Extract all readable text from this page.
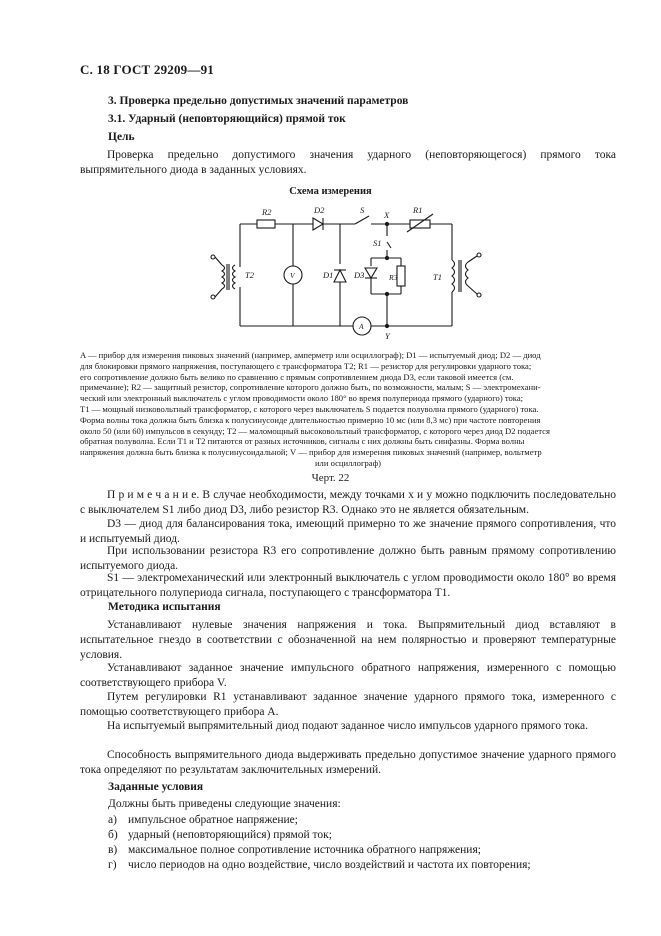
С. 18 ГОСТ 29209—91
3. Проверка предельно допустимых значений параметров
3.1. Ударный (неповторяющийся) прямой ток
Цель

Проверка предельно допустимого значения ударного (неповторяющегося) прямого тока выпрямительного диода в заданных условиях.

Схема измерения
R2	D2	S X	R1
S1
T2	V	D1 D3	R3	T1
A
Y
A — прибор для измерения пиковых значений (например, амперметр или осциллограф); D1 — испытуемый диод; D2 — диод
для блокировки прямого напряжения, поступающего с трансформатора T2; R1 — резистор для регулировки ударного тока;
его сопротивление должно быть велико по сравнению с прямым сопротивлением диода D3, если таковой имеется (см.
примечание); R2 — защитный резистор, сопротивление которого должно быть, по возможности, малым; S — электромехани-
ческий или электронный выключатель с углом проводимости около 180° во время полупериода прямого (ударного) тока;
T1 — мощный низковольтный трансформатор, с которого через выключатель S подается полуволна прямого (ударного) тока.
Форма волны тока должна быть близка к полусинусоиде длительностью примерно 10 мс (или 8,3 мс) при частоте повторения
около 50 (или 60) импульсов в секунду; T2 — маломощный высоковольтный трансформатор, с которого через диод D2 подается
обратная полуволна. Если T1 и T2 питаются от разных источников, сигналы с них должны быть синфазны. Форма волны
напряжения должна быть близка к полусинусоидальной; V — прибор для измерения пиковых значений (например, вольтметр
или осциллограф)
Черт. 22

П р и м е ч а н и е. В случае необходимости, между точками x и y можно подключить последовательно с выключателем S1 либо диод D3, либо резистор R3. Однако это не является обязательным.

D3 — диод для балансирования тока, имеющий примерно то же значение прямого сопротивления, что и испытуемый диод.

При использовании резистора R3 его сопротивление должно быть равным прямому сопротивлению испытуемого диода.

S1 — электромеханический или электронный выключатель с углом проводимости около 180° во время отрицательного полупериода сигнала, поступающего с трансформатора T1.

Методика испытания

Устанавливают нулевые значения напряжения и тока. Выпрямительный диод вставляют в испытательное гнездо в соответствии с обозначенной на нем полярностью и проверяют температурные условия.

Устанавливают заданное значение импульсного обратного напряжения, измеренного с помощью соответствующего прибора V.

Путем регулировки R1 устанавливают заданное значение ударного прямого тока, измеренного с помощью соответствующего прибора A.

На испытуемый выпрямительный диод подают заданное число импульсов ударного прямого тока.

Способность выпрямительного диода выдерживать предельно допустимое значение ударного прямого тока определяют по результатам заключительных измерений.

Заданные условия
Должны быть приведены следующие значения:
а) импульсное обратное напряжение;
б) ударный (неповторяющийся) прямой ток;
в) максимальное полное сопротивление источника обратного напряжения;
г) число периодов на одно воздействие, число воздействий и частота их повторения;
